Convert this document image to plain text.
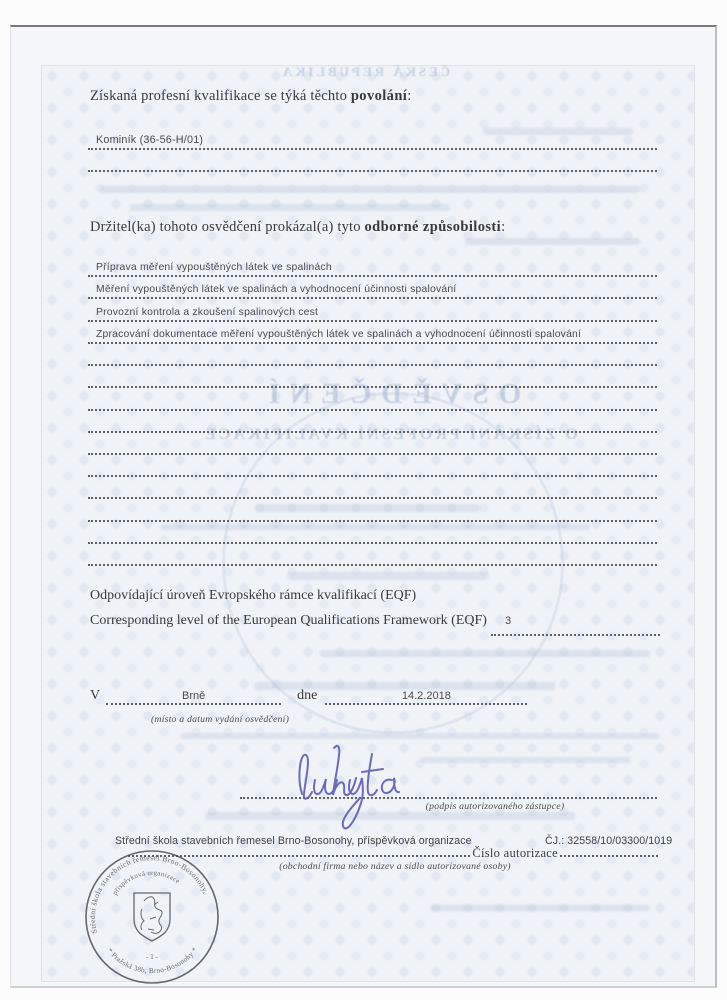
ČESKÁ REPUBLIKA
OSVĚDČENÍ
O ZÍSKÁNÍ PROFESNÍ KVALIFIKACE
Získaná profesní kvalifikace se týká těchto povolání:
Kominík (36-56-H/01)
Držitel(ka) tohoto osvědčení prokázal(a) tyto odborné způsobilosti:
Příprava měření vypouštěných látek ve spalinách
Měření vypouštěných látek ve spalinách a vyhodnocení účinnosti spalování
Provozní kontrola a zkoušení spalinových cest
Zpracování dokumentace měření vypouštěných látek ve spalinách a vyhodnocení účinnosti spalování
Odpovídající úroveň Evropského rámce kvalifikací (EQF)
Corresponding level of the European Qualifications Framework (EQF)	3
V	Brně	dne	14.2.2018
(místo a datum vydání osvědčení)
(podpis autorizovaného zástupce)
Střední škola stavebních řemesel Brno-Bosonohy, příspěvková organizace	ČJ.: 32558/10/03300/1019
Číslo autorizace
(obchodní firma nebo název a sídlo autorizované osoby)
Střední škola stavebních řemesel Brno-Bosonohy,
příspěvková organizace
* Pražská 38b, Brno-Bosonohy *
- 1 -
